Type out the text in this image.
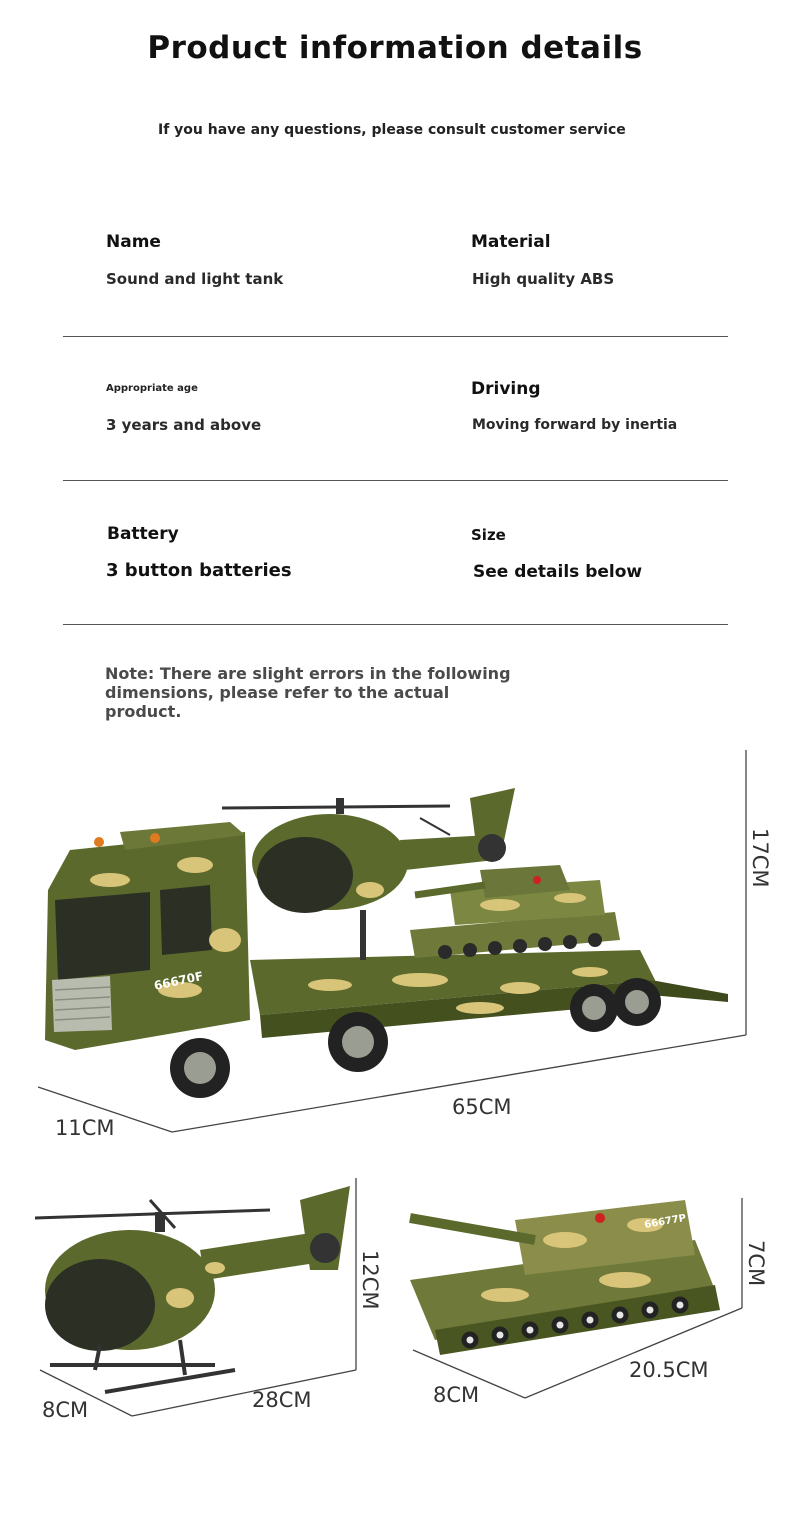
Product information details
If you have any questions, please consult customer service
Name
Sound and light tank
Material
High quality ABS
Appropriate age
3 years and above
Driving
Moving forward by inertia
Battery
3 button batteries
Size
See details below
Note: There are slight errors in the following
dimensions, please refer to the actual product.
66670F
17CM
65CM
11CM
12CM
28CM
8CM
66677P
7CM
20.5CM
8CM
